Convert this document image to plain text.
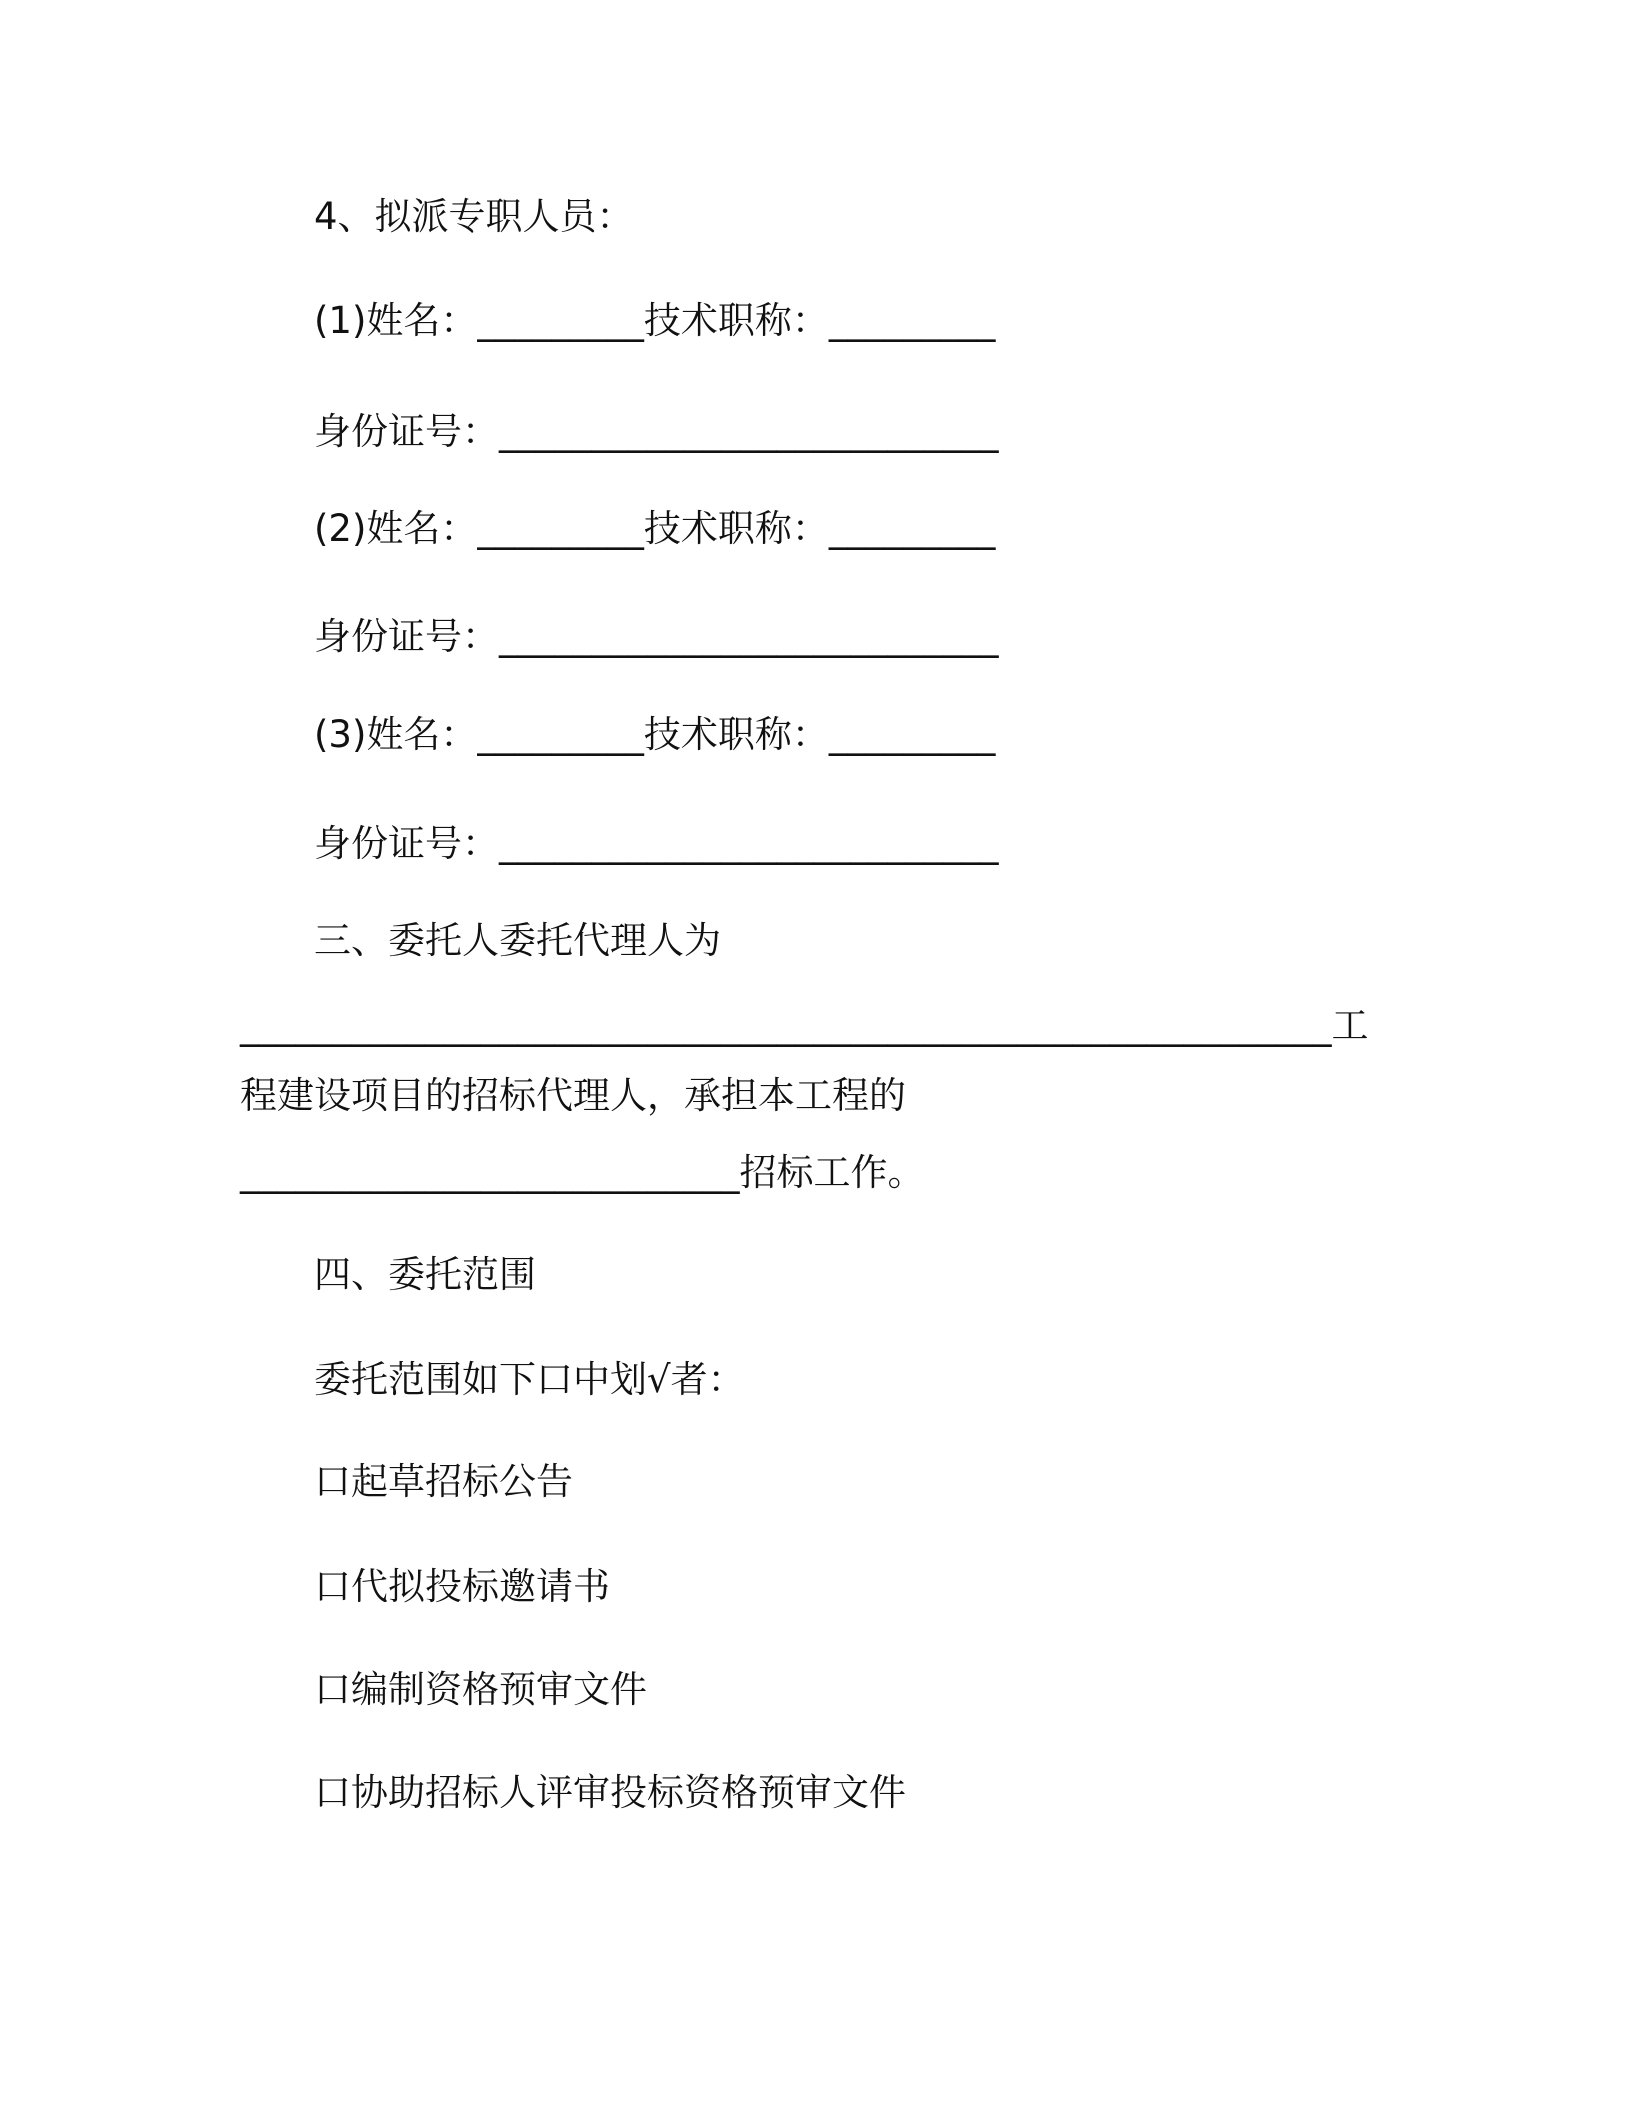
4、拟派专职人员：
(1)姓名：_________技术职称：_________
身份证号：___________________________
(2)姓名：_________技术职称：_________
身份证号：___________________________
(3)姓名：_________技术职称：_________
身份证号：___________________________
三、委托人委托代理人为
___________________________________________________________工
程建设项目的招标代理人，承担本工程的
___________________________招标工作。
四、委托范围
委托范围如下口中划√者：
口起草招标公告
口代拟投标邀请书
口编制资格预审文件
口协助招标人评审投标资格预审文件
